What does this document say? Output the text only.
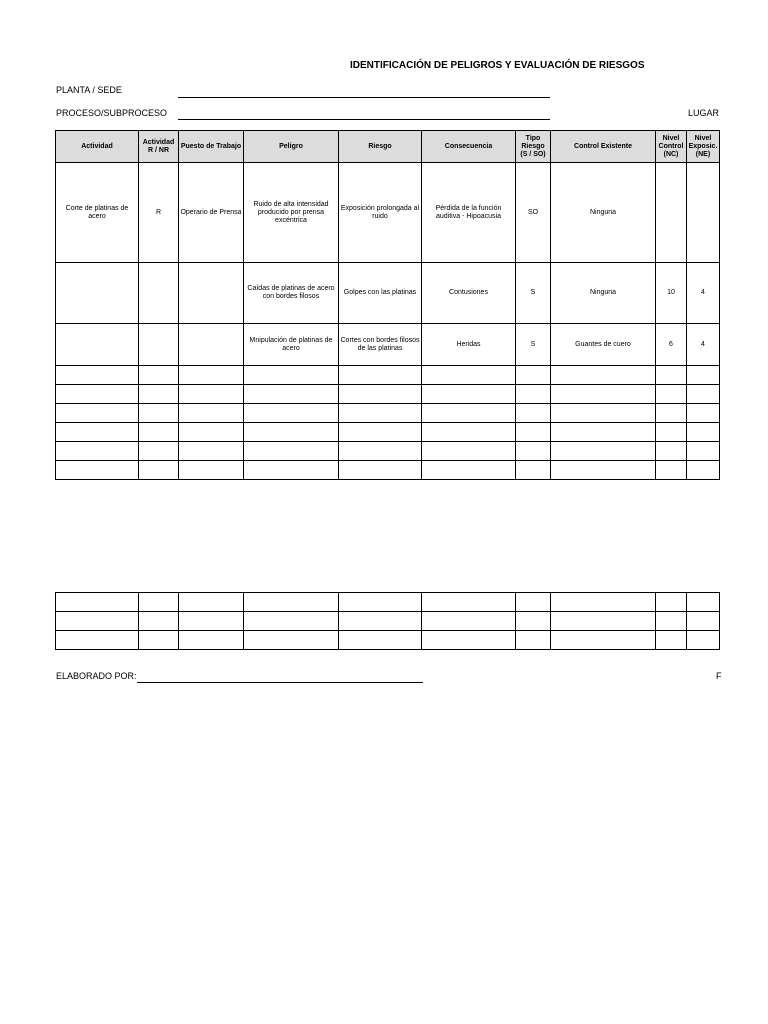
IDENTIFICACIÓN DE PELIGROS Y EVALUACIÓN DE RIESGOS
PLANTA / SEDE
PROCESO/SUBPROCESO	LUGAR
Actividad	Actividad R / NR	Puesto de Trabajo	Peligro	Riesgo	Consecuencia	Tipo Riesgo (S / SO)	Control Existente	Nivel Control (NC)	Nivel Exposic. (NE)
Corte de platinas de acero	R	Operario de Prensa	Ruido de alta intensidad producido por prensa excéntrica	Exposición prolongada al ruido	Pérdida de la función auditiva - Hipoacusia	SO	Ninguna		
			Caídas de platinas de acero con bordes filosos	Golpes con las platinas	Contusiones	S	Ninguna	10	4
			Mnipulación de platinas de acero	Cortes con bordes filosos de las platinas	Heridas	S	Guantes de cuero	6	4

ELABORADO POR:	F
